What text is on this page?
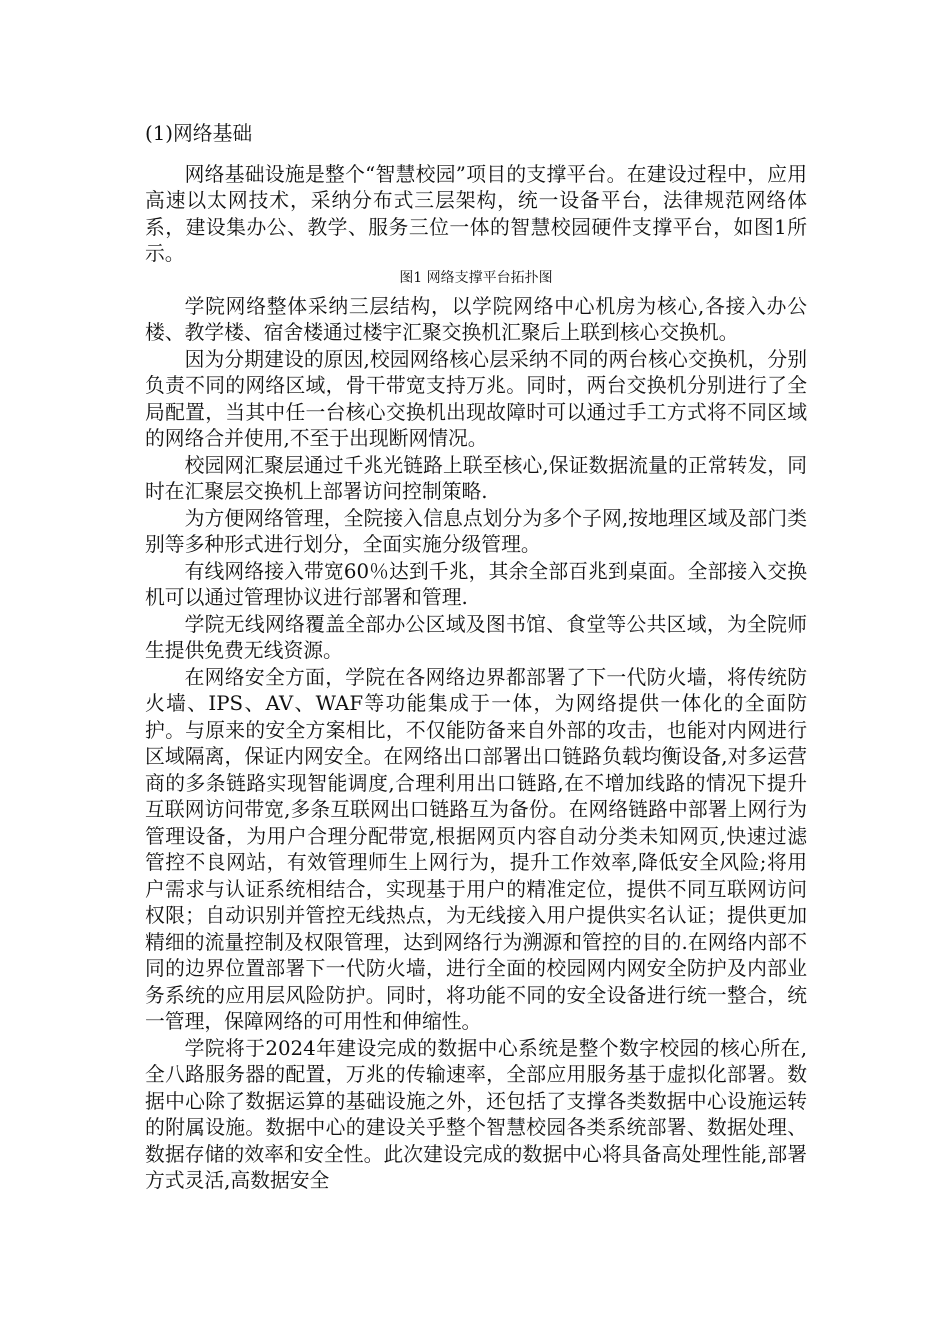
(1)网络基础

网络基础设施是整个“智慧校园”项目的支撑平台。在建设过程中，应用高速以太网技术，采纳分布式三层架构，统一设备平台，法律规范网络体系，建设集办公、教学、服务三位一体的智慧校园硬件支撑平台，如图1所示。

图1 网络支撑平台拓扑图

学院网络整体采纳三层结构，以学院网络中心机房为核心,各接入办公楼、教学楼、宿舍楼通过楼宇汇聚交换机汇聚后上联到核心交换机。

因为分期建设的原因,校园网络核心层采纳不同的两台核心交换机，分别负责不同的网络区域，骨干带宽支持万兆。同时，两台交换机分别进行了全局配置，当其中任一台核心交换机出现故障时可以通过手工方式将不同区域的网络合并使用,不至于出现断网情况。

校园网汇聚层通过千兆光链路上联至核心,保证数据流量的正常转发，同时在汇聚层交换机上部署访问控制策略.

为方便网络管理，全院接入信息点划分为多个子网,按地理区域及部门类别等多种形式进行划分，全面实施分级管理。

有线网络接入带宽60％达到千兆，其余全部百兆到桌面。全部接入交换机可以通过管理协议进行部署和管理.

学院无线网络覆盖全部办公区域及图书馆、食堂等公共区域，为全院师生提供免费无线资源。

在网络安全方面，学院在各网络边界都部署了下一代防火墙，将传统防火墙、IPS、AV、WAF等功能集成于一体，为网络提供一体化的全面防护。与原来的安全方案相比，不仅能防备来自外部的攻击，也能对内网进行区域隔离，保证内网安全。在网络出口部署出口链路负载均衡设备,对多运营商的多条链路实现智能调度,合理利用出口链路,在不增加线路的情况下提升互联网访问带宽,多条互联网出口链路互为备份。在网络链路中部署上网行为管理设备，为用户合理分配带宽,根据网页内容自动分类未知网页,快速过滤管控不良网站，有效管理师生上网行为，提升工作效率,降低安全风险;将用户需求与认证系统相结合，实现基于用户的精准定位，提供不同互联网访问权限；自动识别并管控无线热点，为无线接入用户提供实名认证；提供更加精细的流量控制及权限管理，达到网络行为溯源和管控的目的.在网络内部不同的边界位置部署下一代防火墙，进行全面的校园网内网安全防护及内部业务系统的应用层风险防护。同时，将功能不同的安全设备进行统一整合，统一管理，保障网络的可用性和伸缩性。

学院将于2024年建设完成的数据中心系统是整个数字校园的核心所在,全八路服务器的配置，万兆的传输速率，全部应用服务基于虚拟化部署。数据中心除了数据运算的基础设施之外，还包括了支撑各类数据中心设施运转的附属设施。数据中心的建设关乎整个智慧校园各类系统部署、数据处理、数据存储的效率和安全性。此次建设完成的数据中心将具备高处理性能,部署方式灵活,高数据安全
